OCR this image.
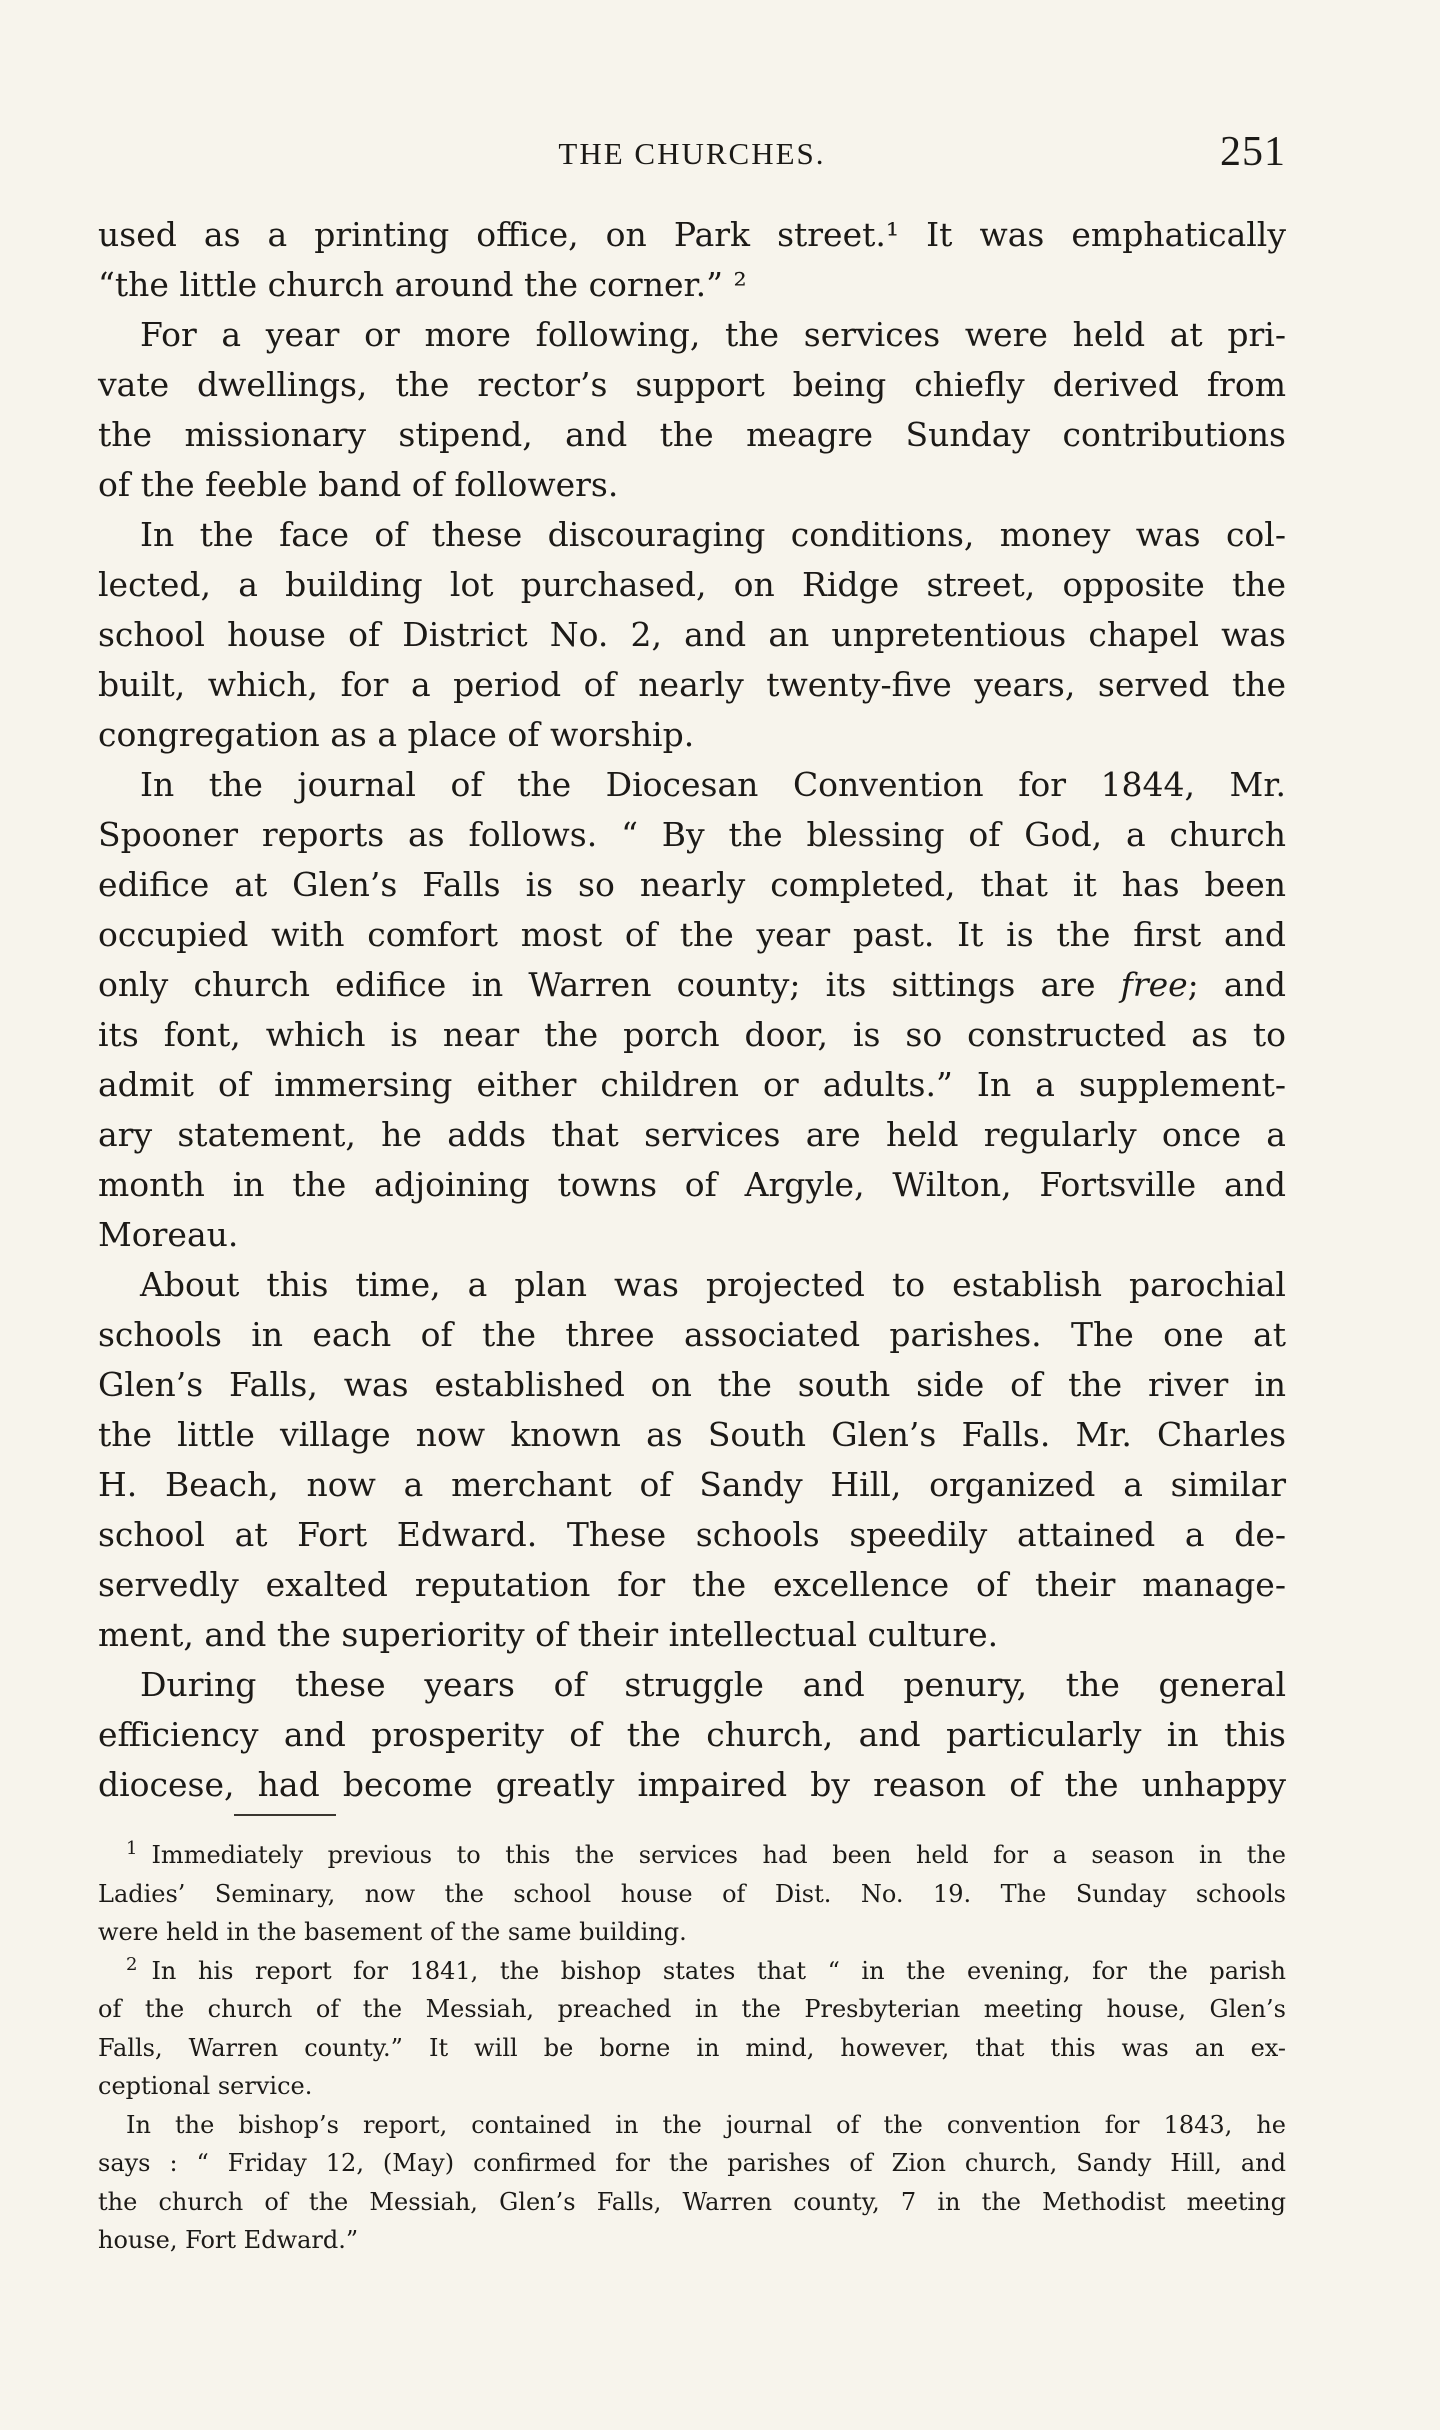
THE CHURCHES.	251
used as a printing office, on Park street.¹ It was emphatically
“the little church around the corner.” ²
For a year or more following, the services were held at pri-
vate dwellings, the rector’s support being chiefly derived from
the missionary stipend, and the meagre Sunday contributions
of the feeble band of followers.
In the face of these discouraging conditions, money was col-
lected, a building lot purchased, on Ridge street, opposite the
school house of District No. 2, and an unpretentious chapel was
built, which, for a period of nearly twenty-five years, served the
congregation as a place of worship.
In the journal of the Diocesan Convention for 1844, Mr.
Spooner reports as follows. “ By the blessing of God, a church
edifice at Glen’s Falls is so nearly completed, that it has been
occupied with comfort most of the year past. It is the first and
only church edifice in Warren county; its sittings are free; and
its font, which is near the porch door, is so constructed as to
admit of immersing either children or adults.” In a supplement-
ary statement, he adds that services are held regularly once a
month in the adjoining towns of Argyle, Wilton, Fortsville and
Moreau.
About this time, a plan was projected to establish parochial
schools in each of the three associated parishes. The one at
Glen’s Falls, was established on the south side of the river in
the little village now known as South Glen’s Falls. Mr. Charles
H. Beach, now a merchant of Sandy Hill, organized a similar
school at Fort Edward. These schools speedily attained a de-
servedly exalted reputation for the excellence of their manage-
ment, and the superiority of their intellectual culture.
During these years of struggle and penury, the general
efficiency and prosperity of the church, and particularly in this
diocese, had become greatly impaired by reason of the unhappy
$^1$ Immediately previous to this the services had been held for a season in the
Ladies’ Seminary, now the school house of Dist. No. 19. The Sunday schools
were held in the basement of the same building.
$^2$ In his report for 1841, the bishop states that “ in the evening, for the parish
of the church of the Messiah, preached in the Presbyterian meeting house, Glen’s
Falls, Warren county.” It will be borne in mind, however, that this was an ex-
ceptional service.
In the bishop’s report, contained in the journal of the convention for 1843, he
says : “ Friday 12, (May) confirmed for the parishes of Zion church, Sandy Hill, and
the church of the Messiah, Glen’s Falls, Warren county, 7 in the Methodist meeting
house, Fort Edward.”
